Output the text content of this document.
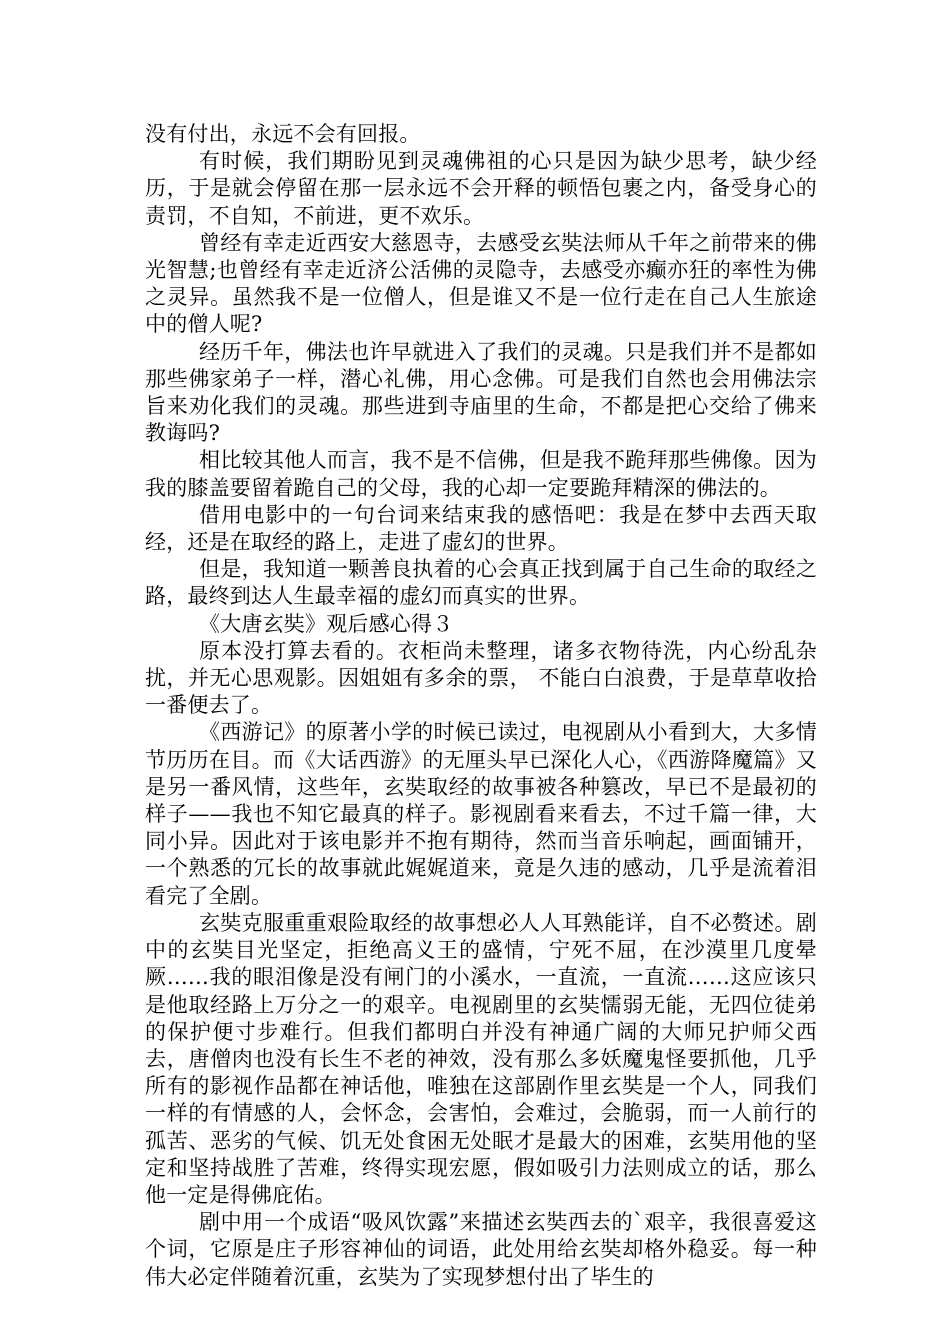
没有付出，永远不会有回报。

有时候，我们期盼见到灵魂佛祖的心只是因为缺少思考，缺少经历，于是就会停留在那一层永远不会开释的顿悟包裹之内，备受身心的责罚，不自知，不前进，更不欢乐。

曾经有幸走近西安大慈恩寺，去感受玄奘法师从千年之前带来的佛光智慧;也曾经有幸走近济公活佛的灵隐寺，去感受亦癫亦狂的率性为佛之灵异。虽然我不是一位僧人，但是谁又不是一位行走在自己人生旅途中的僧人呢?

经历千年，佛法也许早就进入了我们的灵魂。只是我们并不是都如那些佛家弟子一样，潜心礼佛，用心念佛。可是我们自然也会用佛法宗旨来劝化我们的灵魂。那些进到寺庙里的生命，不都是把心交给了佛来教诲吗?

相比较其他人而言，我不是不信佛，但是我不跪拜那些佛像。因为我的膝盖要留着跪自己的父母，我的心却一定要跪拜精深的佛法的。

借用电影中的一句台词来结束我的感悟吧：我是在梦中去西天取经，还是在取经的路上，走进了虚幻的世界。

但是，我知道一颗善良执着的心会真正找到属于自己生命的取经之路，最终到达人生最幸福的虚幻而真实的世界。

《大唐玄奘》观后感心得３

原本没打算去看的。衣柜尚未整理，诸多衣物待洗，内心纷乱杂扰，并无心思观影。因姐姐有多余的票， 不能白白浪费，于是草草收拾一番便去了。

《西游记》的原著小学的时候已读过，电视剧从小看到大，大多情节历历在目。而《大话西游》的无厘头早已深化人心，《西游降魔篇》又是另一番风情，这些年，玄奘取经的故事被各种篡改，早已不是最初的样子——我也不知它最真的样子。影视剧看来看去，不过千篇一律，大同小异。因此对于该电影并不抱有期待，然而当音乐响起，画面铺开，一个熟悉的冗长的故事就此娓娓道来，竟是久违的感动，几乎是流着泪看完了全剧。

玄奘克服重重艰险取经的故事想必人人耳熟能详，自不必赘述。剧中的玄奘目光坚定，拒绝高义王的盛情，宁死不屈，在沙漠里几度晕厥……我的眼泪像是没有闸门的小溪水，一直流，一直流……这应该只是他取经路上万分之一的艰辛。电视剧里的玄奘懦弱无能，无四位徒弟的保护便寸步难行。但我们都明白并没有神通广阔的大师兄护师父西去，唐僧肉也没有长生不老的神效，没有那么多妖魔鬼怪要抓他，几乎所有的影视作品都在神话他，唯独在这部剧作里玄奘是一个人，同我们一样的有情感的人，会怀念，会害怕，会难过，会脆弱，而一人前行的孤苦、恶劣的气候、饥无处食困无处眠才是最大的困难，玄奘用他的坚定和坚持战胜了苦难，终得实现宏愿，假如吸引力法则成立的话，那么他一定是得佛庇佑。

剧中用一个成语“吸风饮露”来描述玄奘西去的`艰辛，我很喜爱这个词，它原是庄子形容神仙的词语，此处用给玄奘却格外稳妥。每一种伟大必定伴随着沉重，玄奘为了实现梦想付出了毕生的
